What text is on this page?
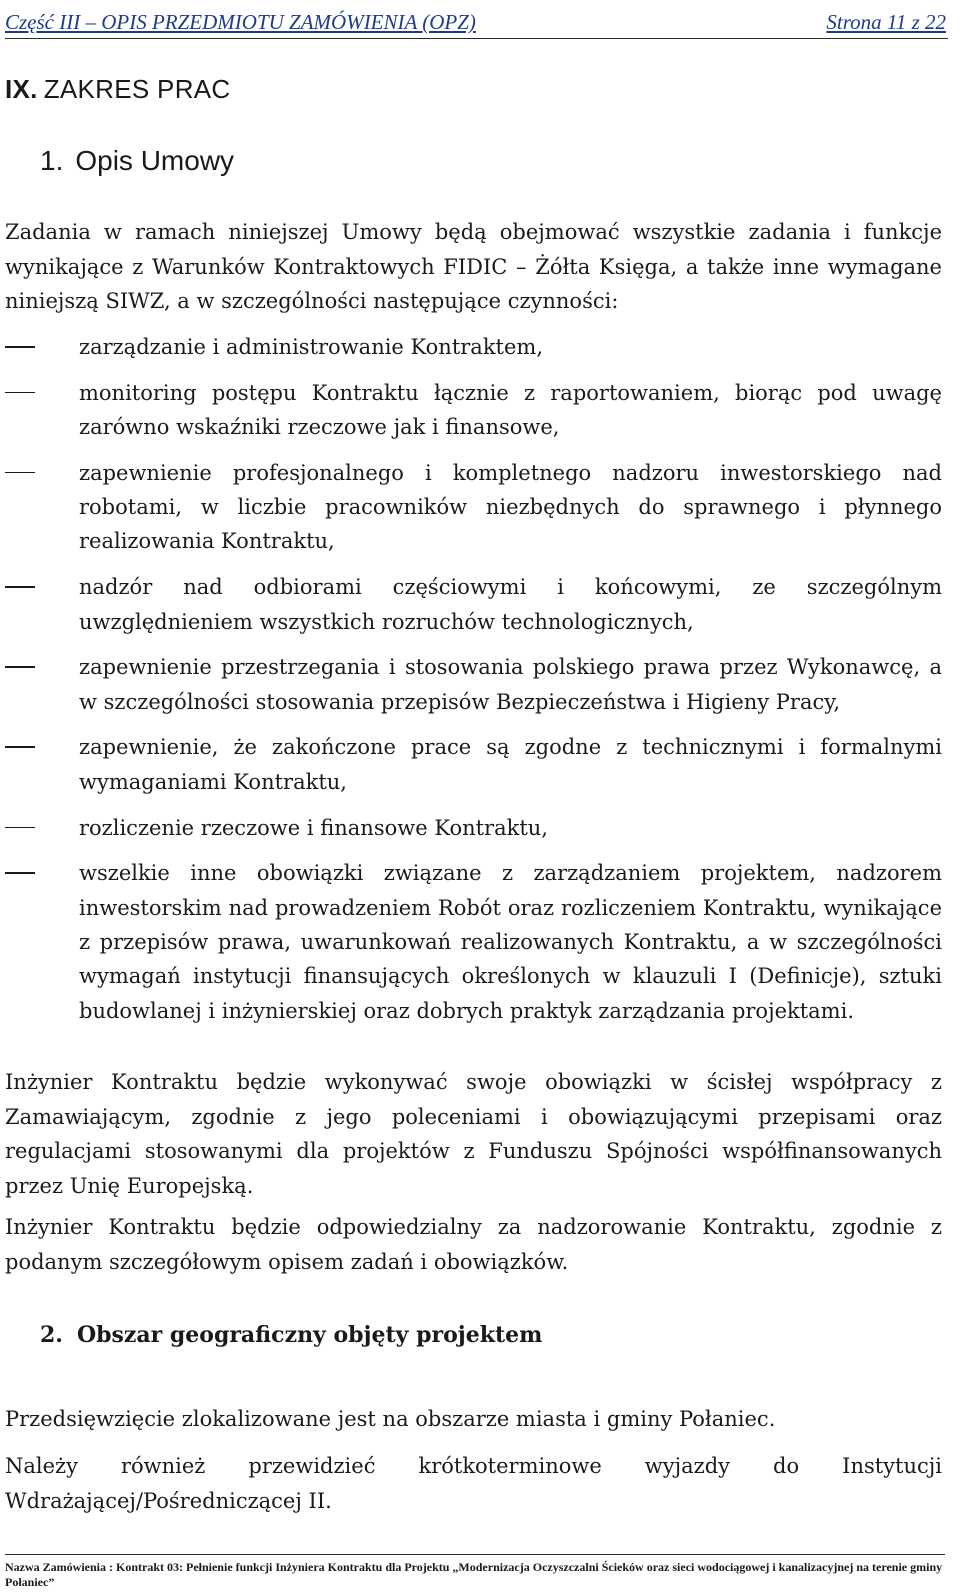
Część III – OPIS PRZEDMIOTU ZAMÓWIENIA (OPZ)	Strona 11 z 22
IX. ZAKRES PRAC
1. Opis Umowy
Zadania w ramach niniejszej Umowy będą obejmować wszystkie zadania i funkcje wynikające z Warunków Kontraktowych FIDIC – Żółta Księga, a także inne wymagane niniejszą SIWZ, a w szczególności następujące czynności:
zarządzanie i administrowanie Kontraktem,
monitoring postępu Kontraktu łącznie z raportowaniem, biorąc pod uwagę zarówno wskaźniki rzeczowe jak i finansowe,
zapewnienie profesjonalnego i kompletnego nadzoru inwestorskiego nad robotami, w liczbie pracowników niezbędnych do sprawnego i płynnego realizowania Kontraktu,
nadzór nad odbiorami częściowymi i końcowymi, ze szczególnym uwzględnieniem wszystkich rozruchów technologicznych,
zapewnienie przestrzegania i stosowania polskiego prawa przez Wykonawcę, a w szczególności stosowania przepisów Bezpieczeństwa i Higieny Pracy,
zapewnienie, że zakończone prace są zgodne z technicznymi i formalnymi wymaganiami Kontraktu,
rozliczenie rzeczowe i finansowe Kontraktu,
wszelkie inne obowiązki związane z zarządzaniem projektem, nadzorem inwestorskim nad prowadzeniem Robót oraz rozliczeniem Kontraktu, wynikające z przepisów prawa, uwarunkowań realizowanych Kontraktu, a w szczególności wymagań instytucji finansujących określonych w klauzuli I (Definicje), sztuki budowlanej i inżynierskiej oraz dobrych praktyk zarządzania projektami.
Inżynier Kontraktu będzie wykonywać swoje obowiązki w ścisłej współpracy z Zamawiającym, zgodnie z jego poleceniami i obowiązującymi przepisami oraz regulacjami stosowanymi dla projektów z Funduszu Spójności współfinansowanych przez Unię Europejską.
Inżynier Kontraktu będzie odpowiedzialny za nadzorowanie Kontraktu, zgodnie z podanym szczegółowym opisem zadań i obowiązków.
2. Obszar geograficzny objęty projektem
Przedsięwzięcie zlokalizowane jest na obszarze miasta i gminy Połaniec.
Należy również przewidzieć krótkoterminowe wyjazdy do Instytucji Wdrażającej/Pośredniczącej II.
Nazwa Zamówienia : Kontrakt 03: Pełnienie funkcji Inżyniera Kontraktu dla Projektu „Modernizacja Oczyszczalni Ścieków oraz sieci wodociągowej i kanalizacyjnej na terenie gminy Połaniec”
